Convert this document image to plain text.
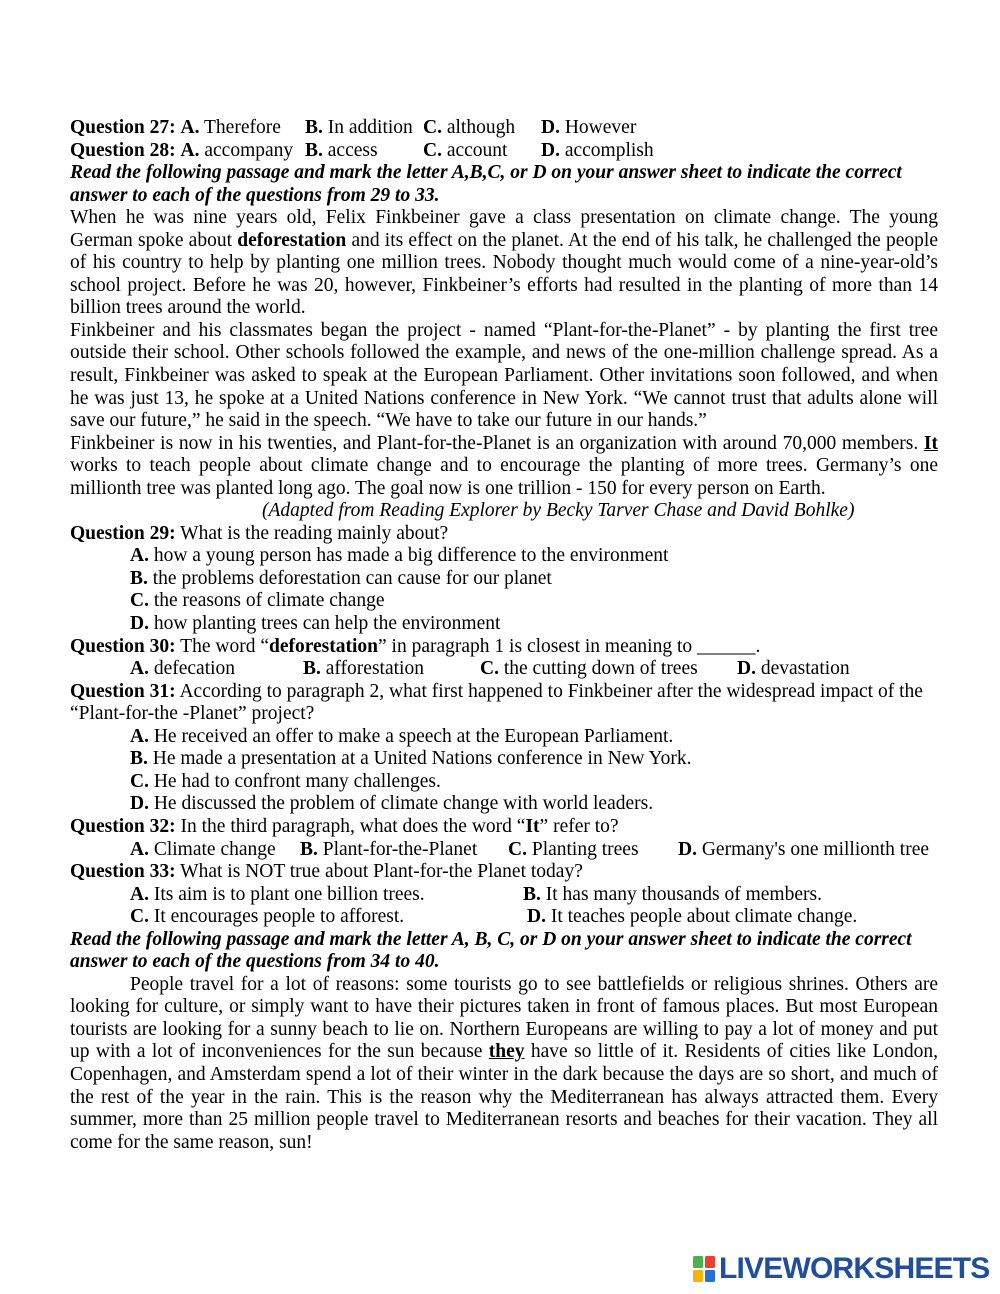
Question 27: A. Therefore B. In addition C. although D. However
Question 28: A. accompany B. access C. account D. accomplish
Read the following passage and mark the letter A,B,C, or D on your answer sheet to indicate the correct
answer to each of the questions from 29 to 33.
When he was nine years old, Felix Finkbeiner gave a class presentation on climate change. The young
German spoke about deforestation and its effect on the planet. At the end of his talk, he challenged the people
of his country to help by planting one million trees. Nobody thought much would come of a nine-year-old’s
school project. Before he was 20, however, Finkbeiner’s efforts had resulted in the planting of more than 14
billion trees around the world.
Finkbeiner and his classmates began the project - named “Plant-for-the-Planet” - by planting the first tree
outside their school. Other schools followed the example, and news of the one-million challenge spread. As a
result, Finkbeiner was asked to speak at the European Parliament. Other invitations soon followed, and when
he was just 13, he spoke at a United Nations conference in New York. “We cannot trust that adults alone will
save our future,” he said in the speech. “We have to take our future in our hands.”
Finkbeiner is now in his twenties, and Plant-for-the-Planet is an organization with around 70,000 members. It
works to teach people about climate change and to encourage the planting of more trees. Germany’s one
millionth tree was planted long ago. The goal now is one trillion - 150 for every person on Earth.
(Adapted from Reading Explorer by Becky Tarver Chase and David Bohlke)
Question 29: What is the reading mainly about?
A. how a young person has made a big difference to the environment
B. the problems deforestation can cause for our planet
C. the reasons of climate change
D. how planting trees can help the environment
Question 30: The word “deforestation” in paragraph 1 is closest in meaning to ______.
A. defecation	B. afforestation	C. the cutting down of trees D. devastation
Question 31: According to paragraph 2, what first happened to Finkbeiner after the widespread impact of the
“Plant-for-the -Planet” project?
A. He received an offer to make a speech at the European Parliament.
B. He made a presentation at a United Nations conference in New York.
C. He had to confront many challenges.
D. He discussed the problem of climate change with world leaders.
Question 32: In the third paragraph, what does the word “It” refer to?
A. Climate change B. Plant-for-the-Planet C. Planting trees D. Germany's one millionth tree
Question 33: What is NOT true about Plant-for-the Planet today?
A. Its aim is to plant one billion trees.	B. It has many thousands of members.
C. It encourages people to afforest.	D. It teaches people about climate change.
Read the following passage and mark the letter A, B, C, or D on your answer sheet to indicate the correct
answer to each of the questions from 34 to 40.
People travel for a lot of reasons: some tourists go to see battlefields or religious shrines. Others are
looking for culture, or simply want to have their pictures taken in front of famous places. But most European
tourists are looking for a sunny beach to lie on. Northern Europeans are willing to pay a lot of money and put
up with a lot of inconveniences for the sun because they have so little of it. Residents of cities like London,
Copenhagen, and Amsterdam spend a lot of their winter in the dark because the days are so short, and much of
the rest of the year in the rain. This is the reason why the Mediterranean has always attracted them. Every
summer, more than 25 million people travel to Mediterranean resorts and beaches for their vacation. They all
come for the same reason, sun!
LIVEWORKSHEETS
